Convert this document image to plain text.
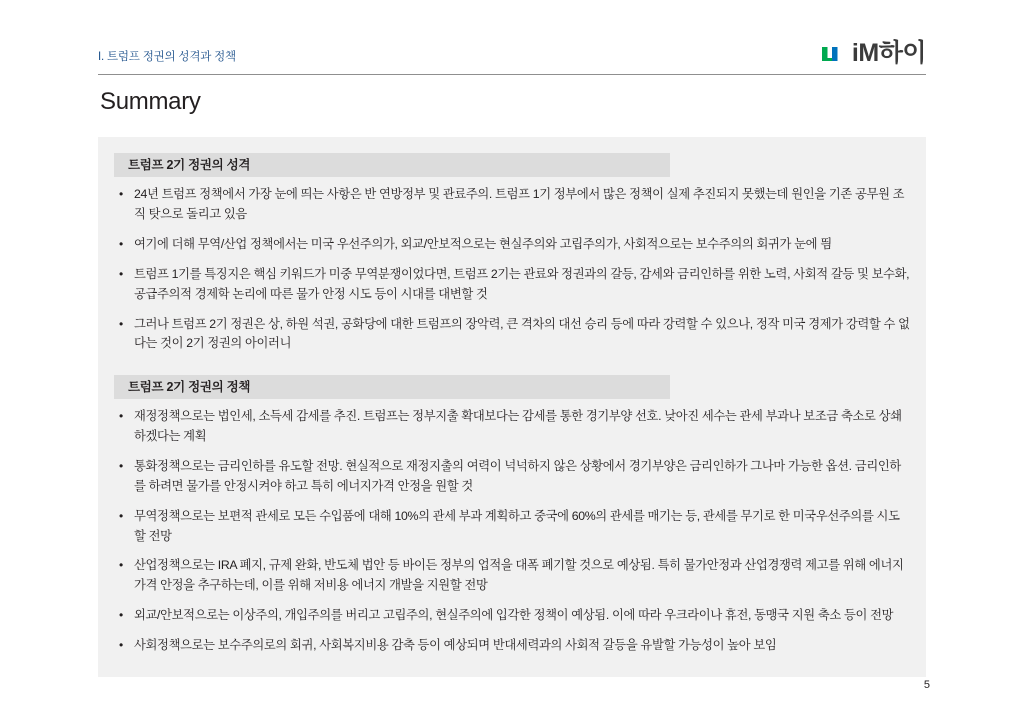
I. 트럼프 정권의 성격과 정책	iM하이
Summary
트럼프 2기 정권의 성격
• 24년 트럼프 정책에서 가장 눈에 띄는 사항은 반 연방정부 및 관료주의. 트럼프 1기 정부에서 많은 정책이 실제 추진되지 못했는데 원인을 기존 공무원 조직 탓으로 돌리고 있음
• 여기에 더해 무역/산업 정책에서는 미국 우선주의가, 외교/안보적으로는 현실주의와 고립주의가, 사회적으로는 보수주의의 회귀가 눈에 띔
• 트럼프 1기를 특징지은 핵심 키워드가 미중 무역분쟁이었다면, 트럼프 2기는 관료와 정권과의 갈등, 감세와 금리인하를 위한 노력, 사회적 갈등 및 보수화, 공급주의적 경제학 논리에 따른 물가 안정 시도 등이 시대를 대변할 것
• 그러나 트럼프 2기 정권은 상, 하원 석권, 공화당에 대한 트럼프의 장악력, 큰 격차의 대선 승리 등에 따라 강력할 수 있으나, 정작 미국 경제가 강력할 수 없다는 것이 2기 정권의 아이러니
트럼프 2기 정권의 정책
• 재정정책으로는 법인세, 소득세 감세를 추진. 트럼프는 정부지출 확대보다는 감세를 통한 경기부양 선호. 낮아진 세수는 관세 부과나 보조금 축소로 상쇄하겠다는 계획
• 통화정책으로는 금리인하를 유도할 전망. 현실적으로 재정지출의 여력이 넉넉하지 않은 상황에서 경기부양은 금리인하가 그나마 가능한 옵션. 금리인하를 하려면 물가를 안정시켜야 하고 특히 에너지가격 안정을 원할 것
• 무역정책으로는 보편적 관세로 모든 수입품에 대해 10%의 관세 부과 계획하고 중국에 60%의 관세를 매기는 등, 관세를 무기로 한 미국우선주의를 시도 할 전망
• 산업정책으로는 IRA 폐지, 규제 완화, 반도체 법안 등 바이든 정부의 업적을 대폭 폐기할 것으로 예상됨. 특히 물가안정과 산업경쟁력 제고를 위해 에너지가격 안정을 추구하는데, 이를 위해 저비용 에너지 개발을 지원할 전망
• 외교/안보적으로는 이상주의, 개입주의를 버리고 고립주의, 현실주의에 입각한 정책이 예상됨. 이에 따라 우크라이나 휴전, 동맹국 지원 축소 등이 전망
• 사회정책으로는 보수주의로의 회귀, 사회복지비용 감축 등이 예상되며 반대세력과의 사회적 갈등을 유발할 가능성이 높아 보임
5
